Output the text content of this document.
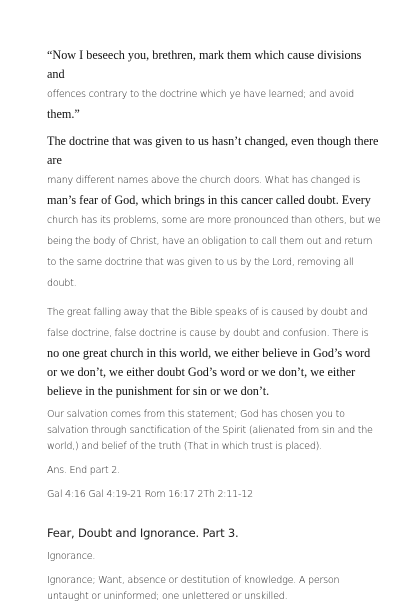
“Now I beseech you, brethren, mark them which cause divisions and
offences contrary to the doctrine which ye have learned; and avoid
them.”

The doctrine that was given to us hasn’t changed, even though there are
many different names above the church doors. What has changed is
man’s fear of God, which brings in this cancer called doubt. Every church has its problems, some are more pronounced than others, but we being the body of Christ, have an obligation to call them out and return to the same doctrine that was given to us by the Lord, removing all doubt.

The great falling away that the Bible speaks of is caused by doubt and false doctrine, false doctrine is cause by doubt and confusion. There is no one great church in this world, we either believe in God’s word or we don’t, we either doubt God’s word or we don’t, we either believe in the punishment for sin or we don’t.

Our salvation comes from this statement; God has chosen you to salvation through sanctification of the Spirit (alienated from sin and the world,) and belief of the truth (That in which trust is placed).

Ans. End part 2.

Gal 4:16 Gal 4:19-21 Rom 16:17 2Th 2:11-12

Fear, Doubt and Ignorance. Part 3.

Ignorance.

Ignorance; Want, absence or destitution of knowledge. A person untaught or uninformed; one unlettered or unskilled.
